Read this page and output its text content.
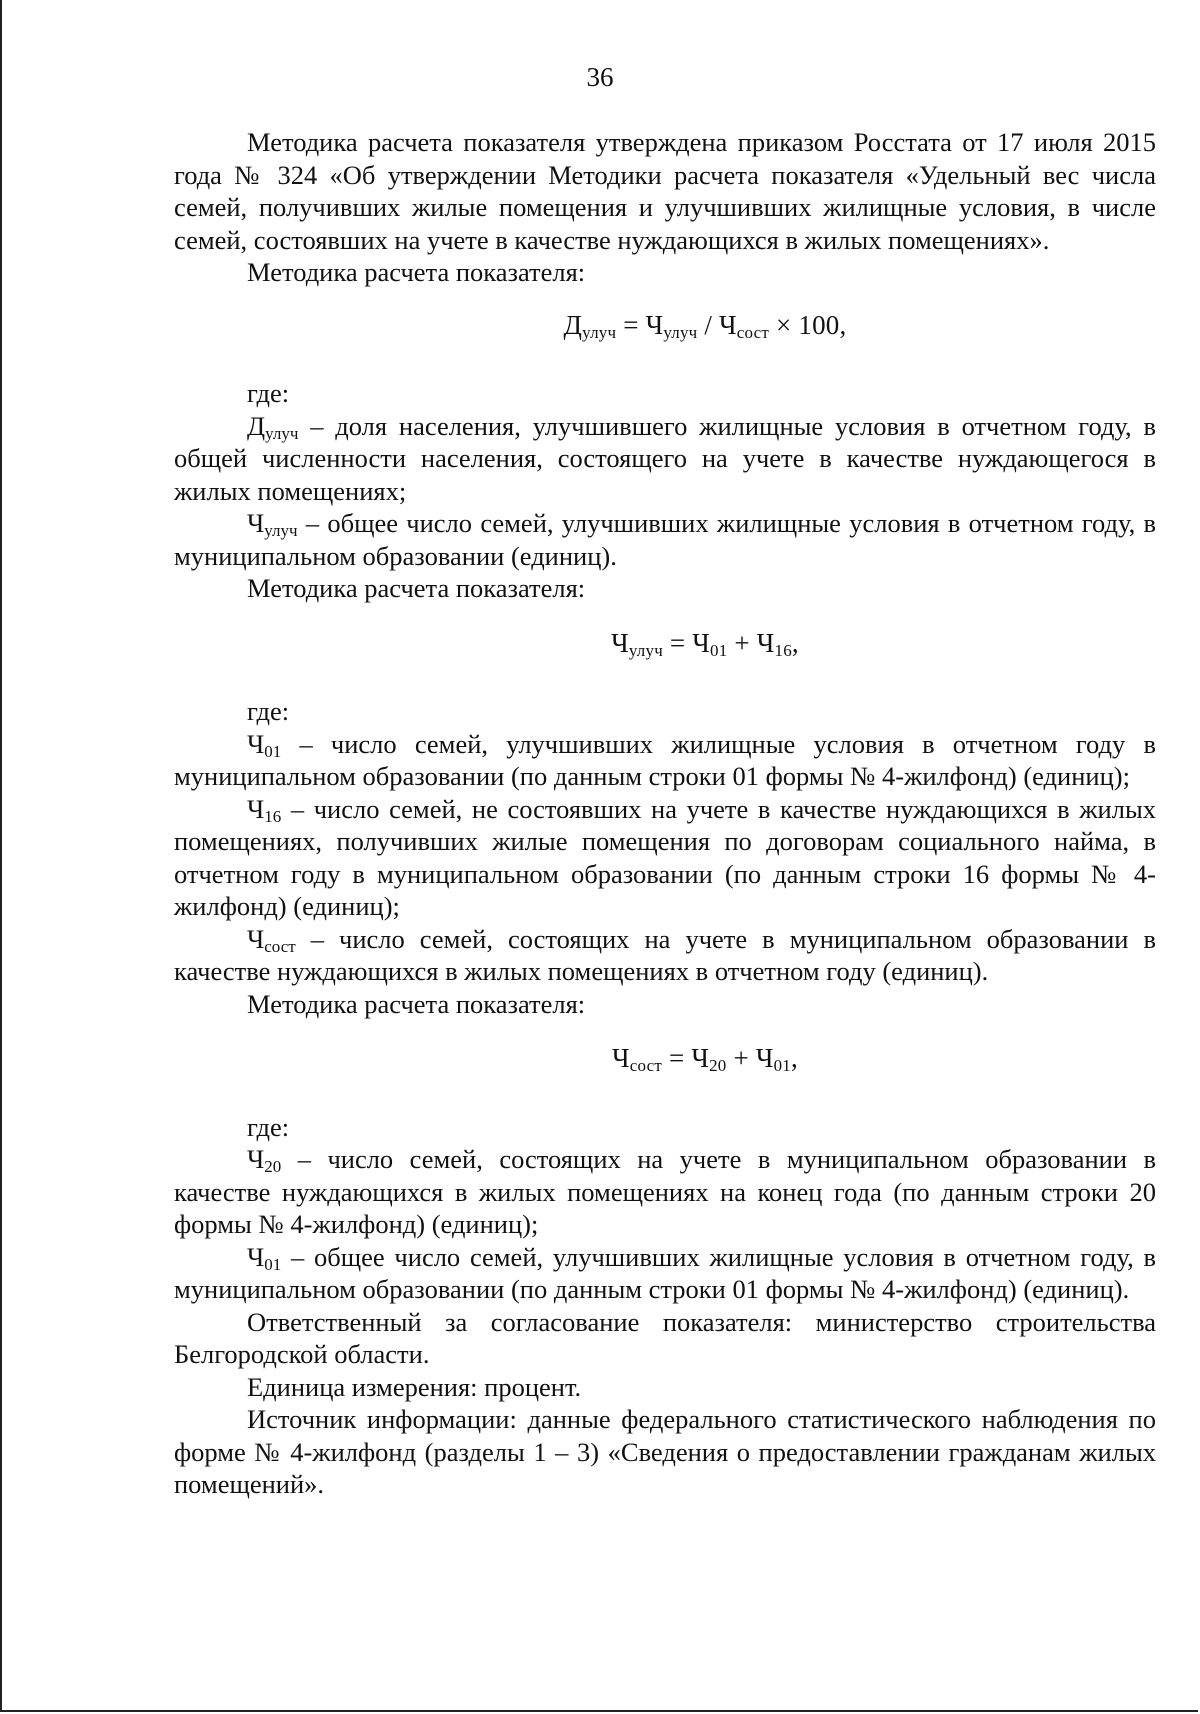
36

Методика расчета показателя утверждена приказом Росстата от 17 июля 2015 года № 324 «Об утверждении Методики расчета показателя «Удельный вес числа семей, получивших жилые помещения и улучшивших жилищные условия, в числе семей, состоявших на учете в качестве нуждающихся в жилых помещениях».

Методика расчета показателя:

$Д_{улуч} = Ч_{улуч} / Ч_{сост} \times 100$,

где:

$Д_{улуч}$ – доля населения, улучшившего жилищные условия в отчетном году, в общей численности населения, состоящего на учете в качестве нуждающегося в жилых помещениях;

$Ч_{улуч}$ – общее число семей, улучшивших жилищные условия в отчетном году, в муниципальном образовании (единиц).

Методика расчета показателя:

$Ч_{улуч} = Ч_{01} + Ч_{16}$,

где:

$Ч_{01}$ – число семей, улучшивших жилищные условия в отчетном году в муниципальном образовании (по данным строки 01 формы № 4-жилфонд) (единиц);

$Ч_{16}$ – число семей, не состоявших на учете в качестве нуждающихся в жилых помещениях, получивших жилые помещения по договорам социального найма, в отчетном году в муниципальном образовании (по данным строки 16 формы № 4-жилфонд) (единиц);

$Ч_{сост}$ – число семей, состоящих на учете в муниципальном образовании в качестве нуждающихся в жилых помещениях в отчетном году (единиц).

Методика расчета показателя:

$Ч_{сост} = Ч_{20} + Ч_{01}$,

где:

$Ч_{20}$ – число семей, состоящих на учете в муниципальном образовании в качестве нуждающихся в жилых помещениях на конец года (по данным строки 20 формы № 4-жилфонд) (единиц);

$Ч_{01}$ – общее число семей, улучшивших жилищные условия в отчетном году, в муниципальном образовании (по данным строки 01 формы № 4-жилфонд) (единиц).

Ответственный за согласование показателя: министерство строительства Белгородской области.

Единица измерения: процент.

Источник информации: данные федерального статистического наблюдения по форме № 4-жилфонд (разделы 1 – 3) «Сведения о предоставлении гражданам жилых помещений».
